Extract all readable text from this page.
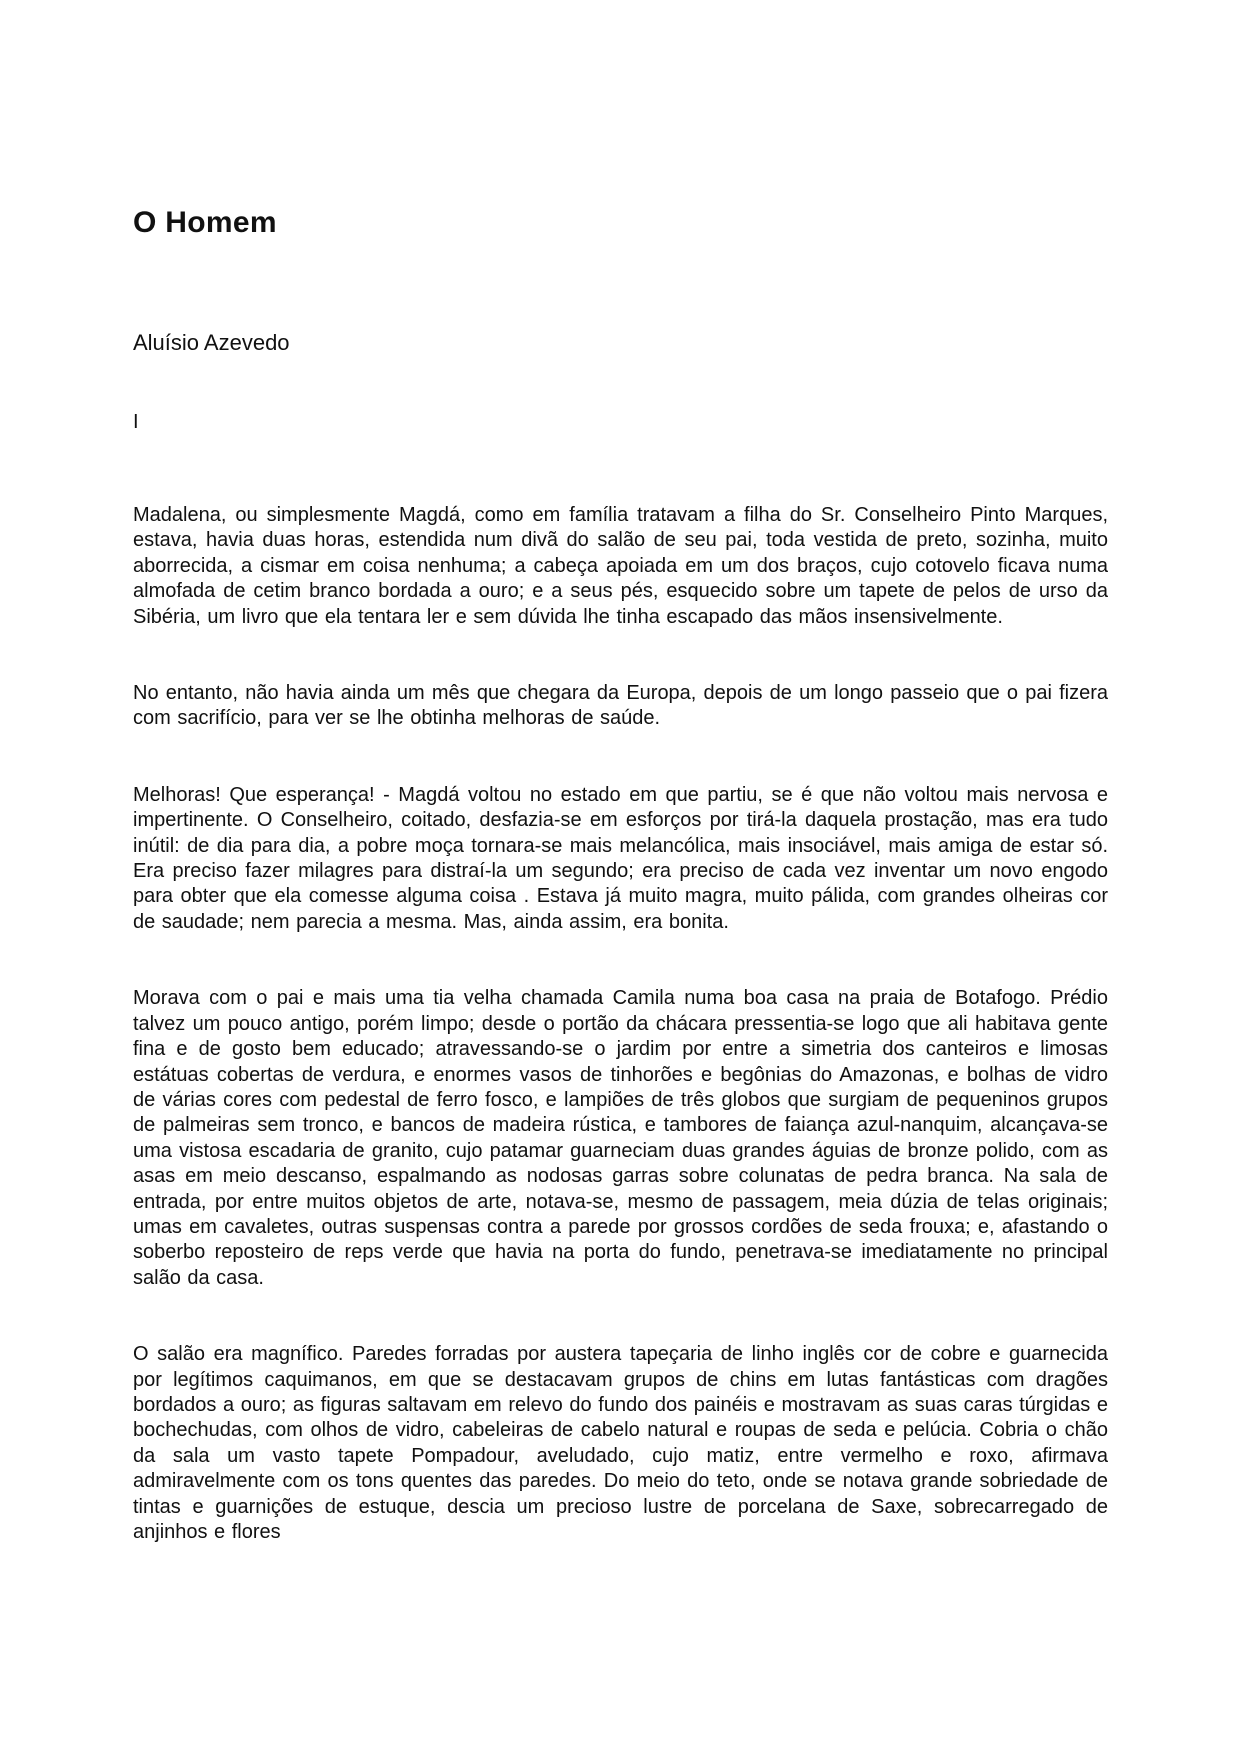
O Homem

Aluísio Azevedo

I

Madalena, ou simplesmente Magdá, como em família tratavam a filha do Sr. Conselheiro Pinto Marques, estava, havia duas horas, estendida num divã do salão de seu pai, toda vestida de preto, sozinha, muito aborrecida, a cismar em coisa nenhuma; a cabeça apoiada em um dos braços, cujo cotovelo ficava numa almofada de cetim branco bordada a ouro; e a seus pés, esquecido sobre um tapete de pelos de urso da Sibéria, um livro que ela tentara ler e sem dúvida lhe tinha escapado das mãos insensivelmente.

No entanto, não havia ainda um mês que chegara da Europa, depois de um longo passeio que o pai fizera com sacrifício, para ver se lhe obtinha melhoras de saúde.

Melhoras! Que esperança! - Magdá voltou no estado em que partiu, se é que não voltou mais nervosa e impertinente. O Conselheiro, coitado, desfazia-se em esforços por tirá-la daquela prostação, mas era tudo inútil: de dia para dia, a pobre moça tornara-se mais melancólica, mais insociável, mais amiga de estar só. Era preciso fazer milagres para distraí-la um segundo; era preciso de cada vez inventar um novo engodo para obter que ela comesse alguma coisa . Estava já muito magra, muito pálida, com grandes olheiras cor de saudade; nem parecia a mesma. Mas, ainda assim, era bonita.

Morava com o pai e mais uma tia velha chamada Camila numa boa casa na praia de Botafogo. Prédio talvez um pouco antigo, porém limpo; desde o portão da chácara pressentia-se logo que ali habitava gente fina e de gosto bem educado; atravessando-se o jardim por entre a simetria dos canteiros e limosas estátuas cobertas de verdura, e enormes vasos de tinhorões e begônias do Amazonas, e bolhas de vidro de várias cores com pedestal de ferro fosco, e lampiões de três globos que surgiam de pequeninos grupos de palmeiras sem tronco, e bancos de madeira rústica, e tambores de faiança azul-nanquim, alcançava-se uma vistosa escadaria de granito, cujo patamar guarneciam duas grandes águias de bronze polido, com as asas em meio descanso, espalmando as nodosas garras sobre colunatas de pedra branca. Na sala de entrada, por entre muitos objetos de arte, notava-se, mesmo de passagem, meia dúzia de telas originais; umas em cavaletes, outras suspensas contra a parede por grossos cordões de seda frouxa; e, afastando o soberbo reposteiro de reps verde que havia na porta do fundo, penetrava-se imediatamente no principal salão da casa.

O salão era magnífico. Paredes forradas por austera tapeçaria de linho inglês cor de cobre e guarnecida por legítimos caquimanos, em que se destacavam grupos de chins em lutas fantásticas com dragões bordados a ouro; as figuras saltavam em relevo do fundo dos painéis e mostravam as suas caras túrgidas e bochechudas, com olhos de vidro, cabeleiras de cabelo natural e roupas de seda e pelúcia. Cobria o chão da sala um vasto tapete Pompadour, aveludado, cujo matiz, entre vermelho e roxo, afirmava admiravelmente com os tons quentes das paredes. Do meio do teto, onde se notava grande sobriedade de tintas e guarnições de estuque, descia um precioso lustre de porcelana de Saxe, sobrecarregado de anjinhos e flores
